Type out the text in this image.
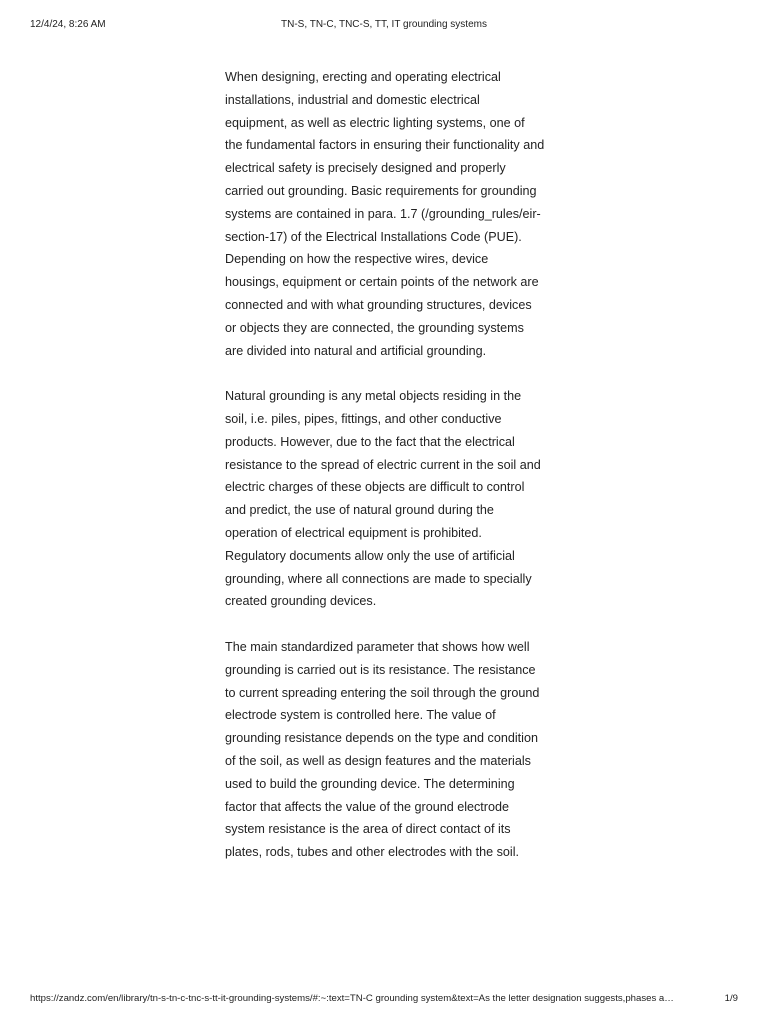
12/4/24, 8:26 AM	TN-S, TN-C, TNC-S, TT, IT grounding systems

When designing, erecting and operating electrical installations, industrial and domestic electrical equipment, as well as electric lighting systems, one of the fundamental factors in ensuring their functionality and electrical safety is precisely designed and properly carried out grounding. Basic requirements for grounding systems are contained in para. 1.7 (/grounding_rules/eir-section-17) of the Electrical Installations Code (PUE). Depending on how the respective wires, device housings, equipment or certain points of the network are connected and with what grounding structures, devices or objects they are connected, the grounding systems are divided into natural and artificial grounding.

Natural grounding is any metal objects residing in the soil, i.e. piles, pipes, fittings, and other conductive products. However, due to the fact that the electrical resistance to the spread of electric current in the soil and electric charges of these objects are difficult to control and predict, the use of natural ground during the operation of electrical equipment is prohibited. Regulatory documents allow only the use of artificial grounding, where all connections are made to specially created grounding devices.

The main standardized parameter that shows how well grounding is carried out is its resistance. The resistance to current spreading entering the soil through the ground electrode system is controlled here. The value of grounding resistance depends on the type and condition of the soil, as well as design features and the materials used to build the grounding device. The determining factor that affects the value of the ground electrode system resistance is the area of direct contact of its plates, rods, tubes and other electrodes with the soil.

https://zandz.com/en/library/tn-s-tn-c-tnc-s-tt-it-grounding-systems/#:~:text=TN-C grounding system&text=As the letter designation suggests,phases a…	1/9
